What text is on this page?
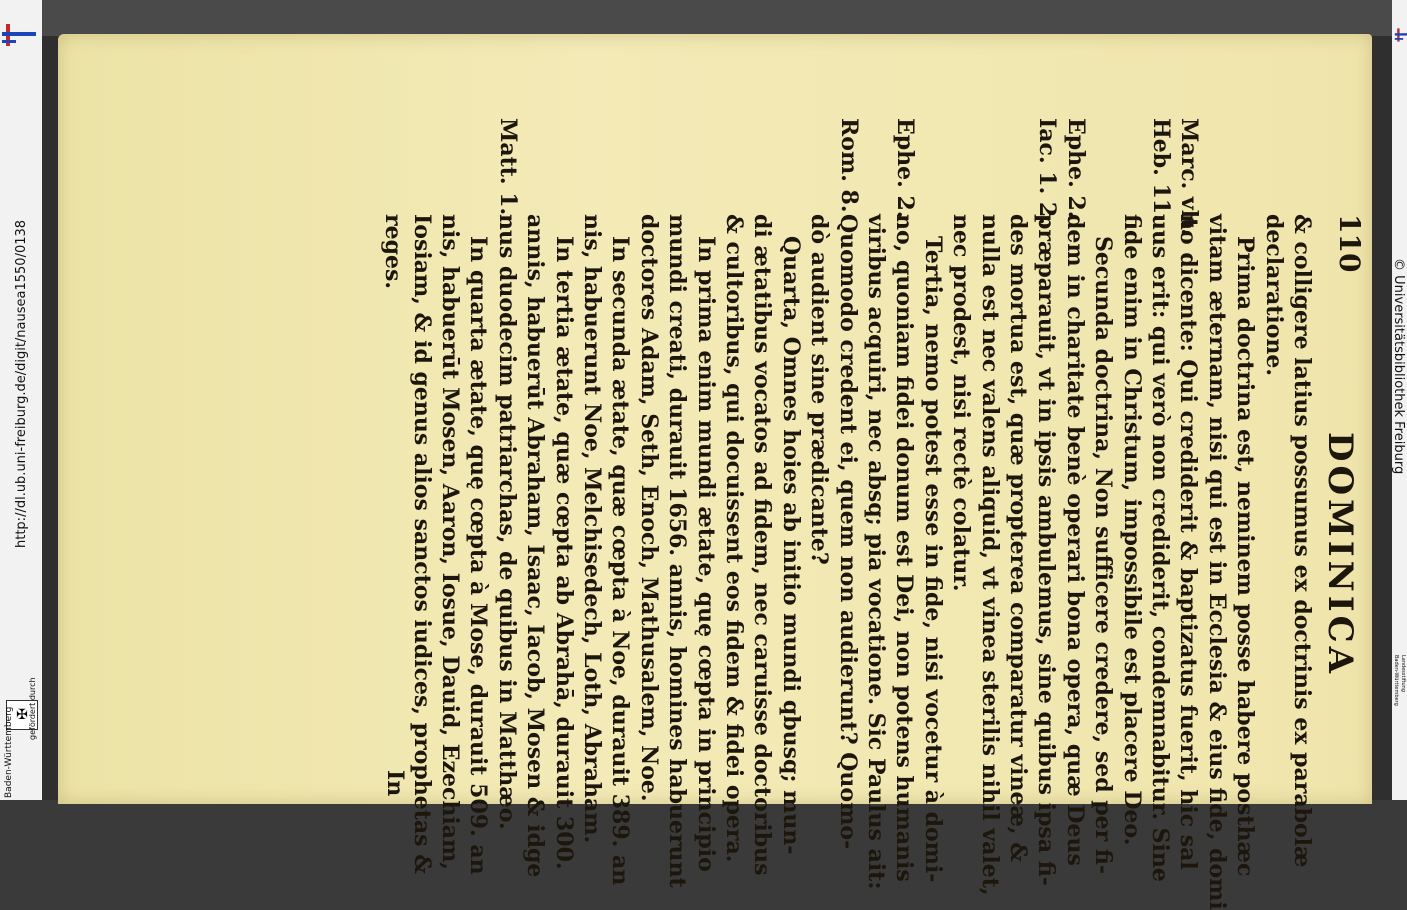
http://dl.ub.uni-freiburg.de/digit/nausea1550/0138
✠ gefördert durch
Baden-Württemberg
© Universitätsbibliothek Freiburg
Landesstiftung
Baden-Württemberg
110
DOMINICA
& colligere latius possumus ex doctrinis ex parabolæ
declaratione.
Prima doctrina est, neminem posse habere posthæc
vitam æternam, nisi qui est in Ecclesia & eius fide, domi
no dicente: Qui crediderit & baptizatus fuerit, hic sal
uus erit: qui verò non crediderit, condemnabitur. Sine
fide enim in Christum, impossibile est placere Deo.
Secunda doctrina, Non sufficere credere, sed per fi-
dem in charitate benè operari bona opera, quæ Deus
præparauit, vt in ipsis ambulemus, sine quibus ipsa fi-
des mortua est, quæ propterea comparatur vineæ, &
nulla est nec valens aliquid, vt vinea sterilis nihil valet,
nec prodest, nisi rectè colatur.
Tertia, nemo potest esse in fide, nisi vocetur à domi-
no, quoniam fidei donum est Dei, non potens humanis
viribus acquiri, nec absq; pia vocatione. Sic Paulus ait:
Quomodo credent ei, quem non audierunt? Quomo-
dò audient sine prædicante?
Quarta, Omnes hoies ab initio mundi qbusq; mun-
di ætatibus vocatos ad fidem, nec caruisse doctoribus
& cultoribus, qui docuissent eos fidem & fidei opera.
In prima enim mundi ætate, quę cœpta in principio
mundi creati, durauit 1656. annis, homines habuerunt
doctores Adam, Seth, Enoch, Mathusalem, Noe.
In secunda ætate, quæ cœpta à Noe, durauit 389. an
nis, habuerunt Noe, Melchisedech, Loth, Abraham.
In tertia ætate, quæ cœpta ab Abrahā, durauit 300.
annis, habuerūt Abraham, Isaac, Iacob, Mosen & idge
nus duodecim patriarchas, de quibus in Matthæo.
In quarta ætate, quę cœpta à Mose, durauit 509. an
nis, habuerūt Mosen, Aaron, Iosue, Dauid, Ezechiam,
Iosiam, & id genus alios sanctos iudices, prophetas &
reges.
Marc. vlt.
Heb. 11.
Ephe. 2.
Iac. 1. 2.
Ephe. 2.
Rom. 8.
Matt. 1.
In
